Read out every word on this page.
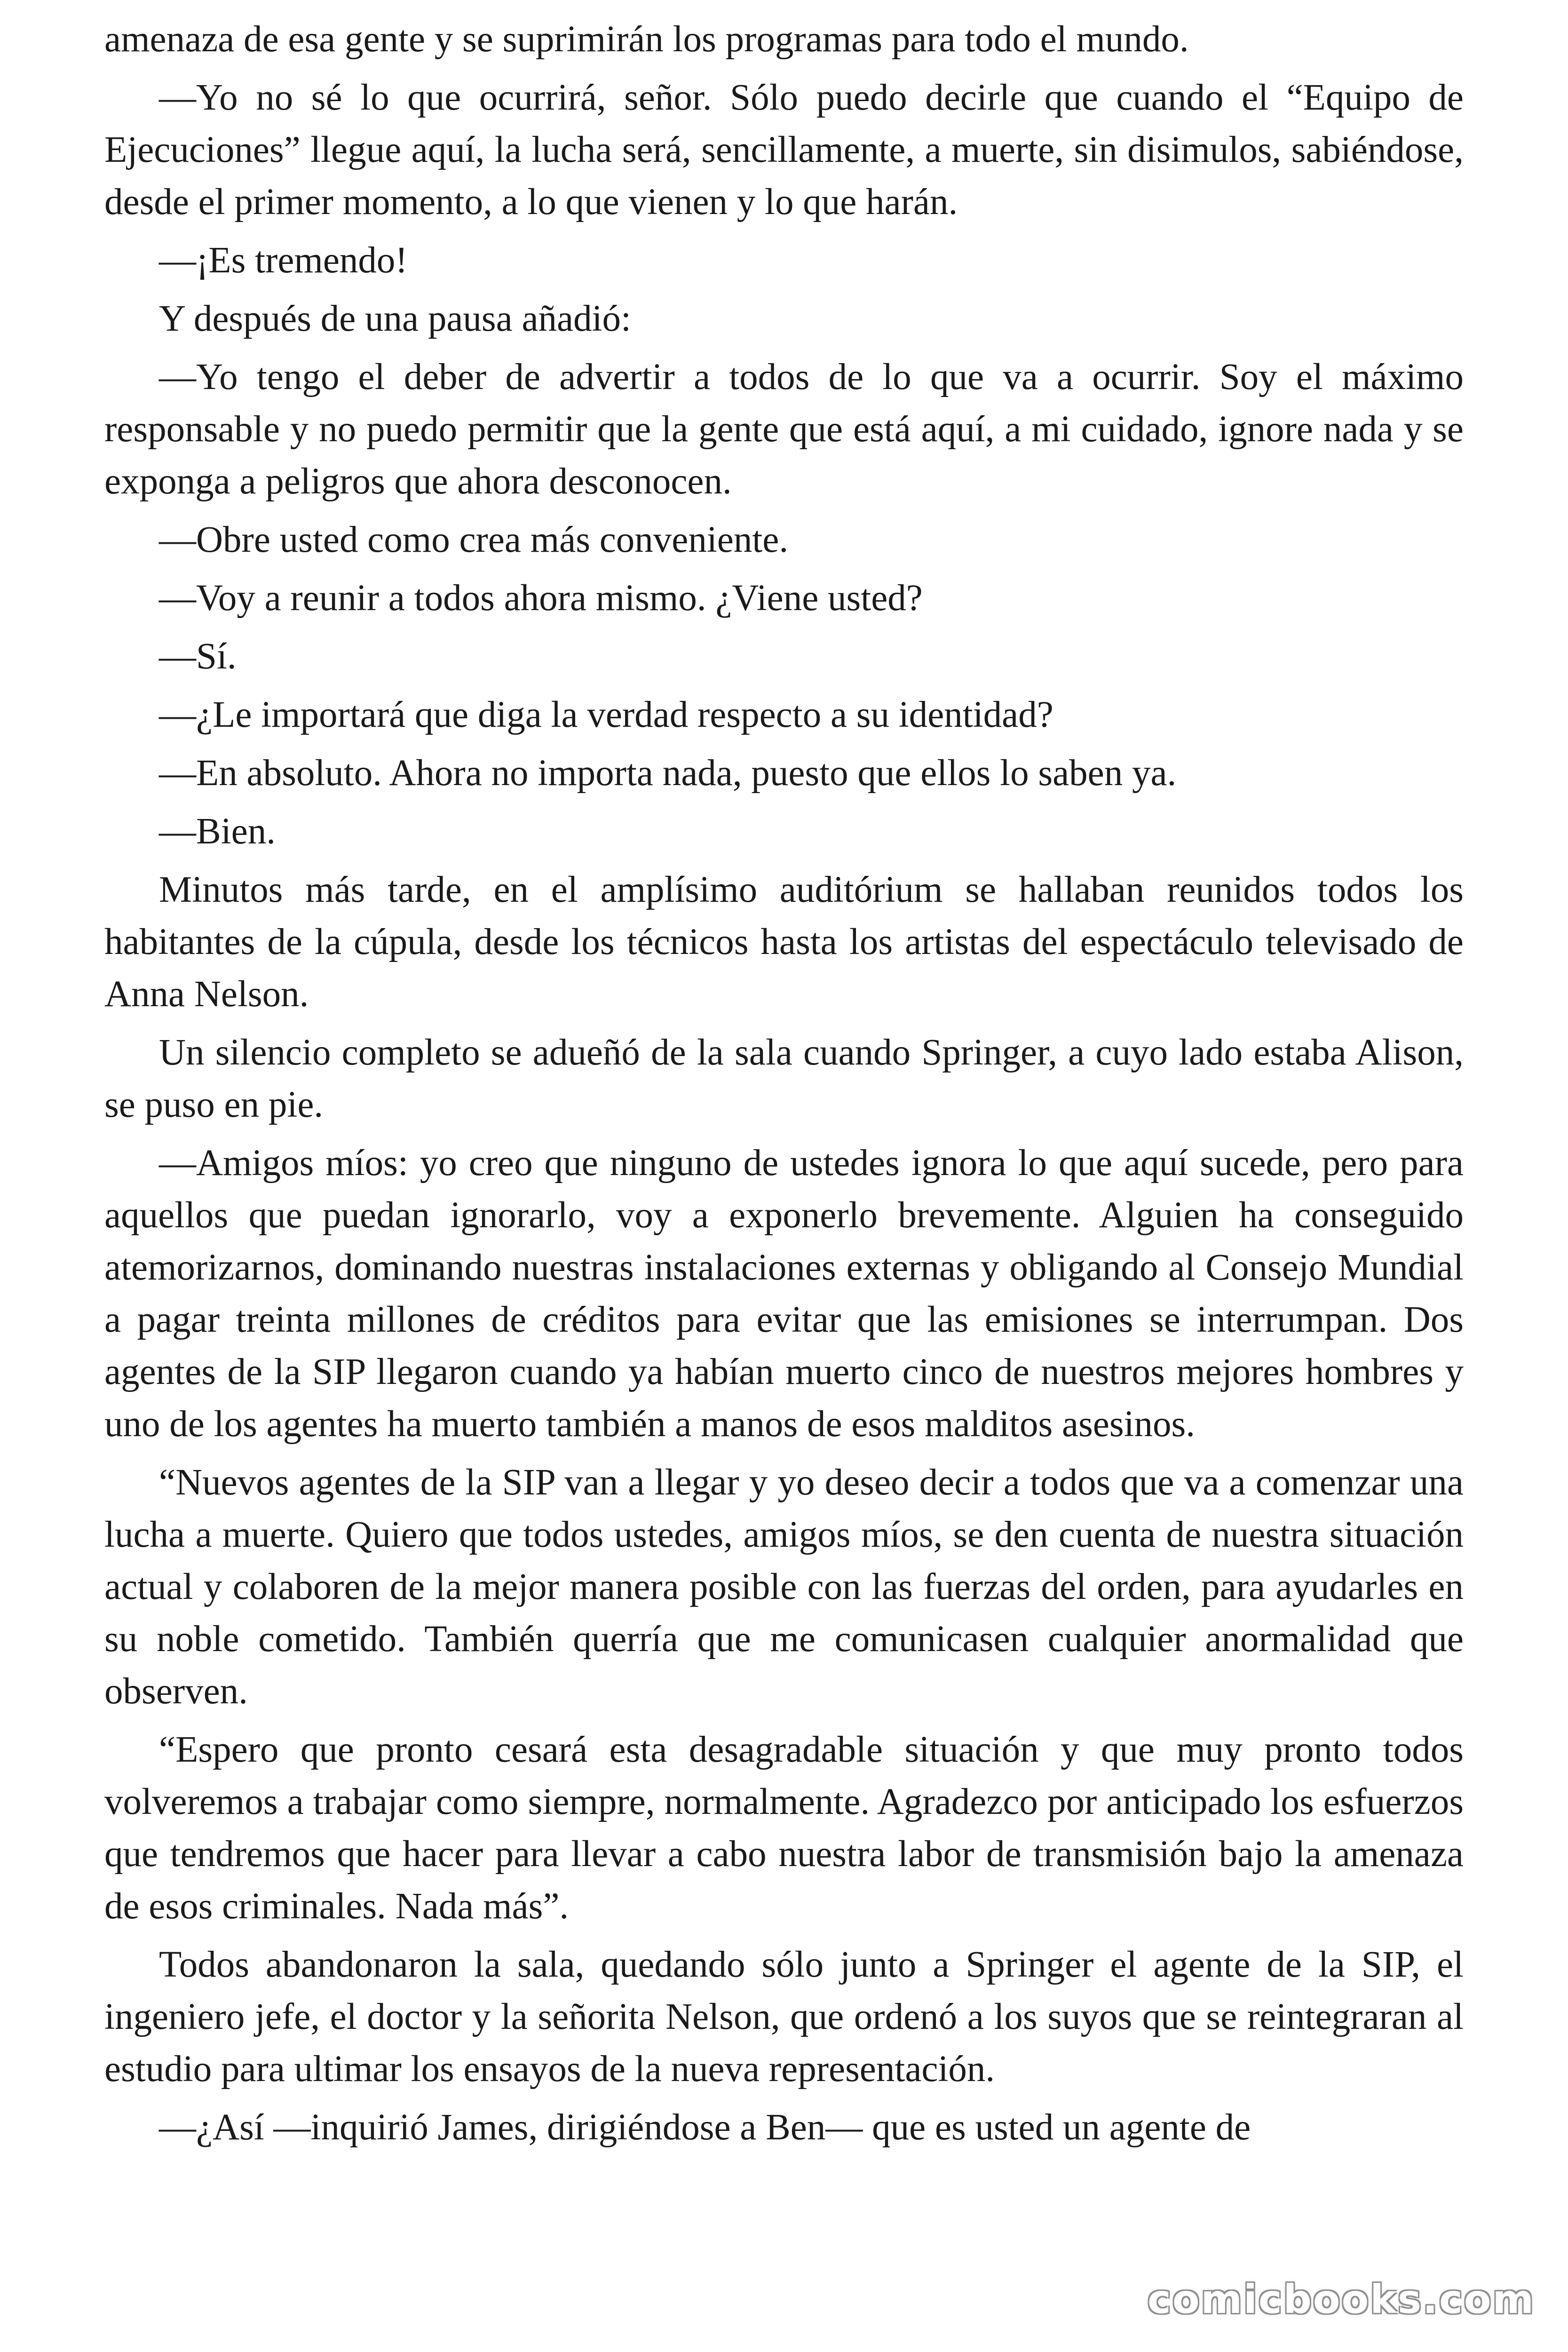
amenaza de esa gente y se suprimirán los programas para todo el mundo.

—Yo no sé lo que ocurrirá, señor. Sólo puedo decirle que cuando el “Equipo de Ejecuciones” llegue aquí, la lucha será, sencillamente, a muerte, sin disimulos, sabiéndose, desde el primer momento, a lo que vienen y lo que harán.

—¡Es tremendo!

Y después de una pausa añadió:

—Yo tengo el deber de advertir a todos de lo que va a ocurrir. Soy el máximo responsable y no puedo permitir que la gente que está aquí, a mi cuidado, ignore nada y se exponga a peligros que ahora desconocen.

—Obre usted como crea más conveniente.

—Voy a reunir a todos ahora mismo. ¿Viene usted?

—Sí.

—¿Le importará que diga la verdad respecto a su identidad?

—En absoluto. Ahora no importa nada, puesto que ellos lo saben ya.

—Bien.

Minutos más tarde, en el amplísimo auditórium se hallaban reunidos todos los habitantes de la cúpula, desde los técnicos hasta los artistas del espectáculo televisado de Anna Nelson.

Un silencio completo se adueñó de la sala cuando Springer, a cuyo lado estaba Alison, se puso en pie.

—Amigos míos: yo creo que ninguno de ustedes ignora lo que aquí sucede, pero para aquellos que puedan ignorarlo, voy a exponerlo brevemente. Alguien ha conseguido atemorizarnos, dominando nuestras instalaciones externas y obligando al Consejo Mundial a pagar treinta millones de créditos para evitar que las emisiones se interrumpan. Dos agentes de la SIP llegaron cuando ya habían muerto cinco de nuestros mejores hombres y uno de los agentes ha muerto también a manos de esos malditos asesinos.

“Nuevos agentes de la SIP van a llegar y yo deseo decir a todos que va a comenzar una lucha a muerte. Quiero que todos ustedes, amigos míos, se den cuenta de nuestra situación actual y colaboren de la mejor manera posible con las fuerzas del orden, para ayudarles en su noble cometido. También querría que me comunicasen cualquier anormalidad que observen.

“Espero que pronto cesará esta desagradable situación y que muy pronto todos volveremos a trabajar como siempre, normalmente. Agradezco por anticipado los esfuerzos que tendremos que hacer para llevar a cabo nuestra labor de transmisión bajo la amenaza de esos criminales. Nada más”.

Todos abandonaron la sala, quedando sólo junto a Springer el agente de la SIP, el ingeniero jefe, el doctor y la señorita Nelson, que ordenó a los suyos que se reintegraran al estudio para ultimar los ensayos de la nueva representación.

—¿Así —inquirió James, dirigiéndose a Ben— que es usted un agente de

comicbooks.com
